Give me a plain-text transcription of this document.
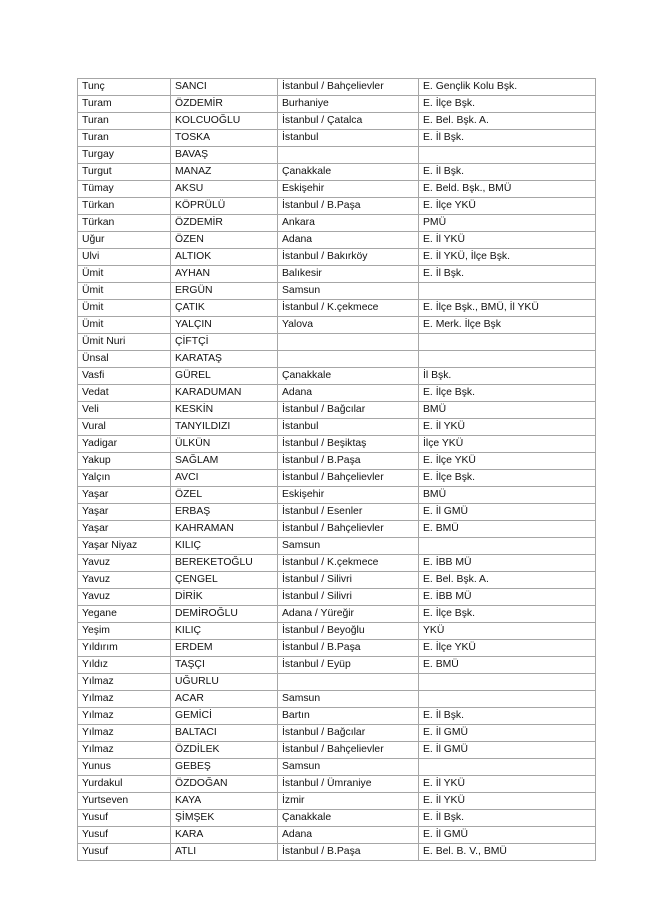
Tunç	SANCI	İstanbul / Bahçelievler	E. Gençlik Kolu Bşk.
Turam	ÖZDEMİR	Burhaniye	E. İlçe Bşk.
Turan	KOLCUOĞLU	İstanbul / Çatalca	E. Bel. Bşk. A.
Turan	TOSKA	İstanbul	E. İl Bşk.
Turgay	BAVAŞ		
Turgut	MANAZ	Çanakkale	E. İl Bşk.
Tümay	AKSU	Eskişehir	E. Beld. Bşk., BMÜ
Türkan	KÖPRÜLÜ	İstanbul / B.Paşa	E. İlçe YKÜ
Türkan	ÖZDEMİR	Ankara	PMÜ
Uğur	ÖZEN	Adana	E. İl YKÜ
Ulvi	ALTIOK	İstanbul / Bakırköy	E. İl YKÜ, İlçe Bşk.
Ümit	AYHAN	Balıkesir	E. İl Bşk.
Ümit	ERGÜN	Samsun	
Ümit	ÇATIK	İstanbul / K.çekmece	E. İlçe Bşk., BMÜ, İl YKÜ
Ümit	YALÇIN	Yalova	E. Merk. İlçe Bşk
Ümit Nuri	ÇİFTÇİ		
Ünsal	KARATAŞ		
Vasfi	GÜREL	Çanakkale	İl Bşk.
Vedat	KARADUMAN	Adana	E. İlçe Bşk.
Veli	KESKİN	İstanbul / Bağcılar	BMÜ
Vural	TANYILDIZI	İstanbul	E. İl YKÜ
Yadigar	ÜLKÜN	İstanbul / Beşiktaş	İlçe YKÜ
Yakup	SAĞLAM	İstanbul / B.Paşa	E. İlçe YKÜ
Yalçın	AVCI	İstanbul / Bahçelievler	E. İlçe Bşk.
Yaşar	ÖZEL	Eskişehir	BMÜ
Yaşar	ERBAŞ	İstanbul / Esenler	E. İl GMÜ
Yaşar	KAHRAMAN	İstanbul / Bahçelievler	E. BMÜ
Yaşar Niyaz	KILIÇ	Samsun	
Yavuz	BEREKETOĞLU	İstanbul / K.çekmece	E. İBB MÜ
Yavuz	ÇENGEL	İstanbul / Silivri	E. Bel. Bşk. A.
Yavuz	DİRİK	İstanbul / Silivri	E. İBB MÜ
Yegane	DEMİROĞLU	Adana / Yüreğir	E. İlçe Bşk.
Yeşim	KILIÇ	İstanbul / Beyoğlu	YKÜ
Yıldırım	ERDEM	İstanbul / B.Paşa	E. İlçe YKÜ
Yıldız	TAŞÇI	İstanbul / Eyüp	E. BMÜ
Yılmaz	UĞURLU		
Yılmaz	ACAR	Samsun	
Yılmaz	GEMİCİ	Bartın	E. İl Bşk.
Yılmaz	BALTACI	İstanbul / Bağcılar	E. İl GMÜ
Yılmaz	ÖZDİLEK	İstanbul / Bahçelievler	E. İl GMÜ
Yunus	GEBEŞ	Samsun	
Yurdakul	ÖZDOĞAN	İstanbul / Ümraniye	E. İl YKÜ
Yurtseven	KAYA	İzmir	E. İl YKÜ
Yusuf	ŞİMŞEK	Çanakkale	E. İl Bşk.
Yusuf	KARA	Adana	E. İl GMÜ
Yusuf	ATLI	İstanbul / B.Paşa	E. Bel. B. V., BMÜ
